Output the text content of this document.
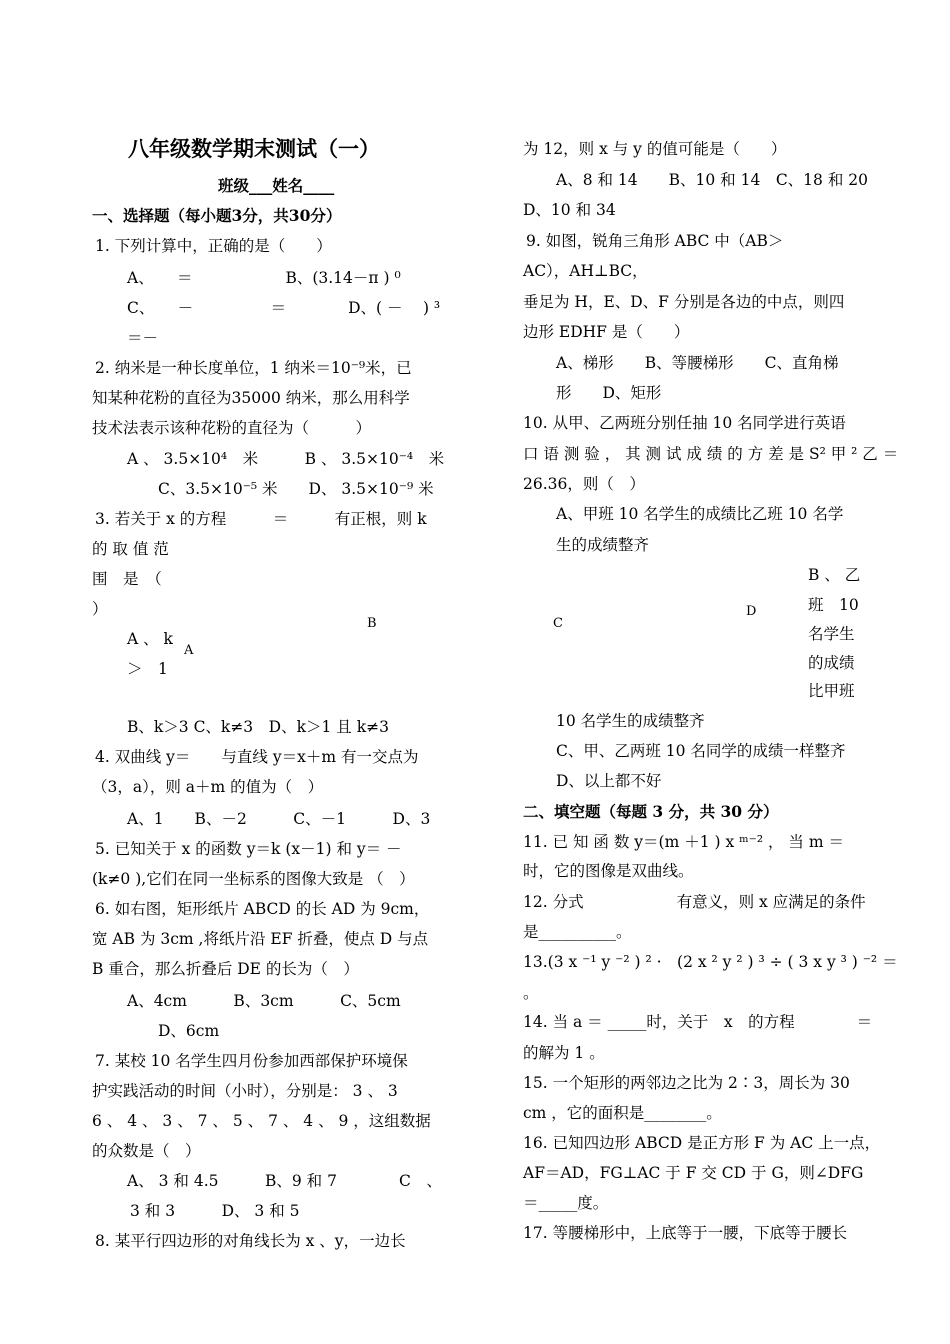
八年级数学期末测试（一）
班级___姓名____
一、选择题（每小题3分，共30分）
1. 下列计算中，正确的是（　　）
A、　　＝　　　　　　B、(3.14－π ) ⁰
C、　　－　　　　　＝　　　　D、( －　 ) ³
＝－
2. 纳米是一种长度单位，1 纳米＝10⁻⁹米，已
知某种花粉的直径为35000 纳米，那么用科学
技术法表示该种花粉的直径为（　　　）
A 、 3.5×10⁴　米　　　B 、 3.5×10⁻⁴　米
C、3.5×10⁻⁵ 米　　D、 3.5×10⁻⁹ 米
3. 若关于 x 的方程　　　＝　　　有正根，则 k
的 取 值 范
围　是　（
）
A 、 k
＞　1
B、k＞3 C、k≠3　D、k＞1 且 k≠3
4. 双曲线 y＝　　与直线 y＝x＋m 有一交点为
（3，a），则 a＋m 的值为（　）
A、1　　B、－2　　　C、－1　　　D、3
5. 已知关于 x 的函数 y＝k (x－1) 和 y＝ －
(k≠0 ),它们在同一坐标系的图像大致是 （　）
6. 如右图，矩形纸片 ABCD 的长 AD 为 9cm，
宽 AB 为 3cm ,将纸片沿 EF 折叠，使点 D 与点
B 重合，那么折叠后 DE 的长为（　）
A、4cm　　　B、3cm　　　C、5cm
D、6cm
7. 某校 10 名学生四月份参加西部保护环境保
护实践活动的时间（小时），分别是： 3 、 3
6 、 4 、 3 、 7 、 5 、 7 、 4 、 9 ，这组数据
的众数是（　）
A、 3 和 4.5　　　B、9 和 7　　　　C　、
3 和 3　　　D、 3 和 5
8. 某平行四边形的对角线长为 x 、y，一边长
为 12，则 x 与 y 的值可能是（　　）
A、8 和 14　　B、10 和 14　C、18 和 20
D、10 和 34
9. 如图，锐角三角形 ABC 中（AB＞
AC），AH⊥BC，
垂足为 H，E、D、F 分别是各边的中点，则四
边形 EDHF 是（　　）
A、梯形　　B、等腰梯形　　C、直角梯
形　　D、矩形
10. 从甲、乙两班分别任抽 10 名同学进行英语
口 语 测 验 ， 其 测 试 成 绩 的 方 差 是 S² 甲 ² 乙 ＝
26.36，则（　）
A、甲班 10 名学生的成绩比乙班 10 名学
生的成绩整齐
B 、 乙
班　10
名学生
的成绩
比甲班
10 名学生的成绩整齐
C、甲、乙两班 10 名同学的成绩一样整齐
D、以上都不好
二、填空题（每题 3 分，共 30 分）
11. 已 知 函 数 y＝(m ＋1 ) x ᵐ⁻² ， 当 m ＝
时，它的图像是双曲线。
12. 分式　　　　　　有意义，则 x 应满足的条件
是__________。
13.(3 x ⁻¹ y ⁻² ) ² ·　(2 x ² y ² ) ³ ÷ ( 3 x y ³ ) ⁻² ＝
。
14. 当 a ＝ _____时，关于　x　的方程　　　　＝
的解为 1 。
15. 一个矩形的两邻边之比为 2∶3，周长为 30
cm ，它的面积是________。
16. 已知四边形 ABCD 是正方形 F 为 AC 上一点，
AF＝AD，FG⊥AC 于 F 交 CD 于 G，则∠DFG
＝_____度。
17. 等腰梯形中，上底等于一腰，下底等于腰长
A
B	C
D
